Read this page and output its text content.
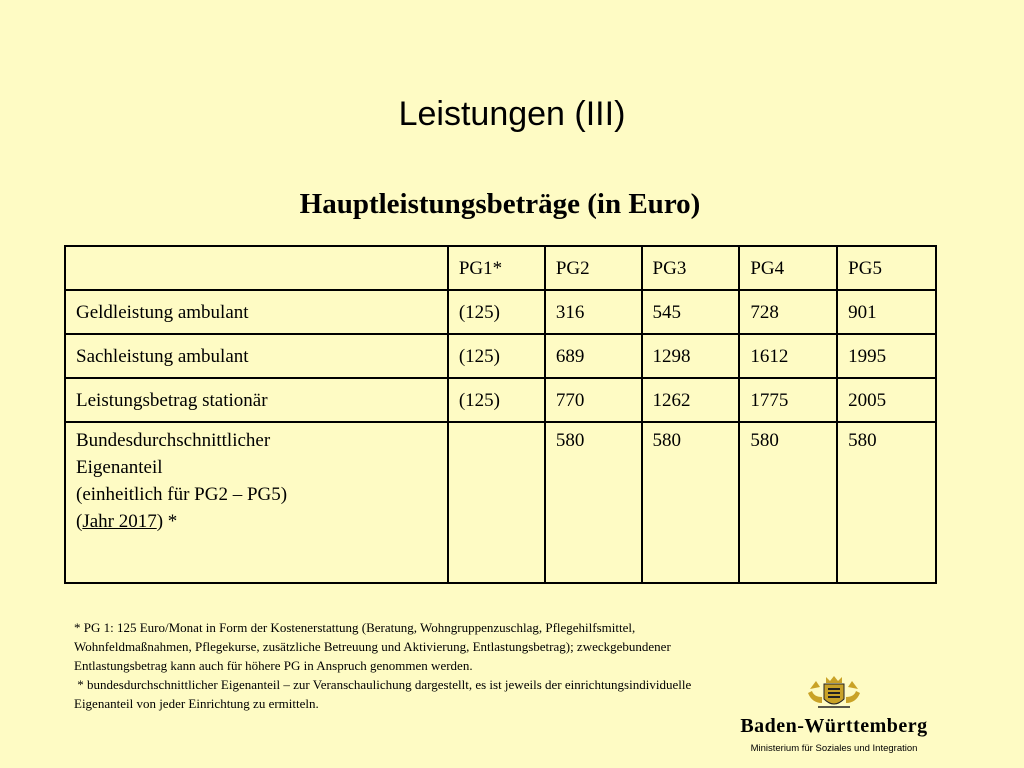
Leistungen (III)
Hauptleistungsbeträge (in Euro)
	PG1*	PG2	PG3	PG4	PG5
Geldleistung ambulant	(125)	316	545	728	901
Sachleistung ambulant	(125)	689	1298	1612	1995
Leistungsbetrag stationär	(125)	770	1262	1775	2005

Bundesdurchschnittlicher
Eigenanteil
(einheitlich für PG2 – PG5)
(Jahr 2017) *		580	580	580	580

* PG 1: 125 Euro/Monat in Form der Kostenerstattung (Beratung, Wohngruppenzuschlag, Pflegehilfsmittel,

Wohnfeldmaßnahmen, Pflegekurse, zusätzliche Betreuung und Aktivierung, Entlastungsbetrag); zweckgebundener

Entlastungsbetrag kann auch für höhere PG in Anspruch genommen werden.

* bundesdurchschnittlicher Eigenanteil – zur Veranschaulichung dargestellt, es ist jeweils der einrichtungsindividuelle

Eigenanteil von jeder Einrichtung zu ermitteln.

Baden-Württemberg
Ministerium für Soziales und Integration
